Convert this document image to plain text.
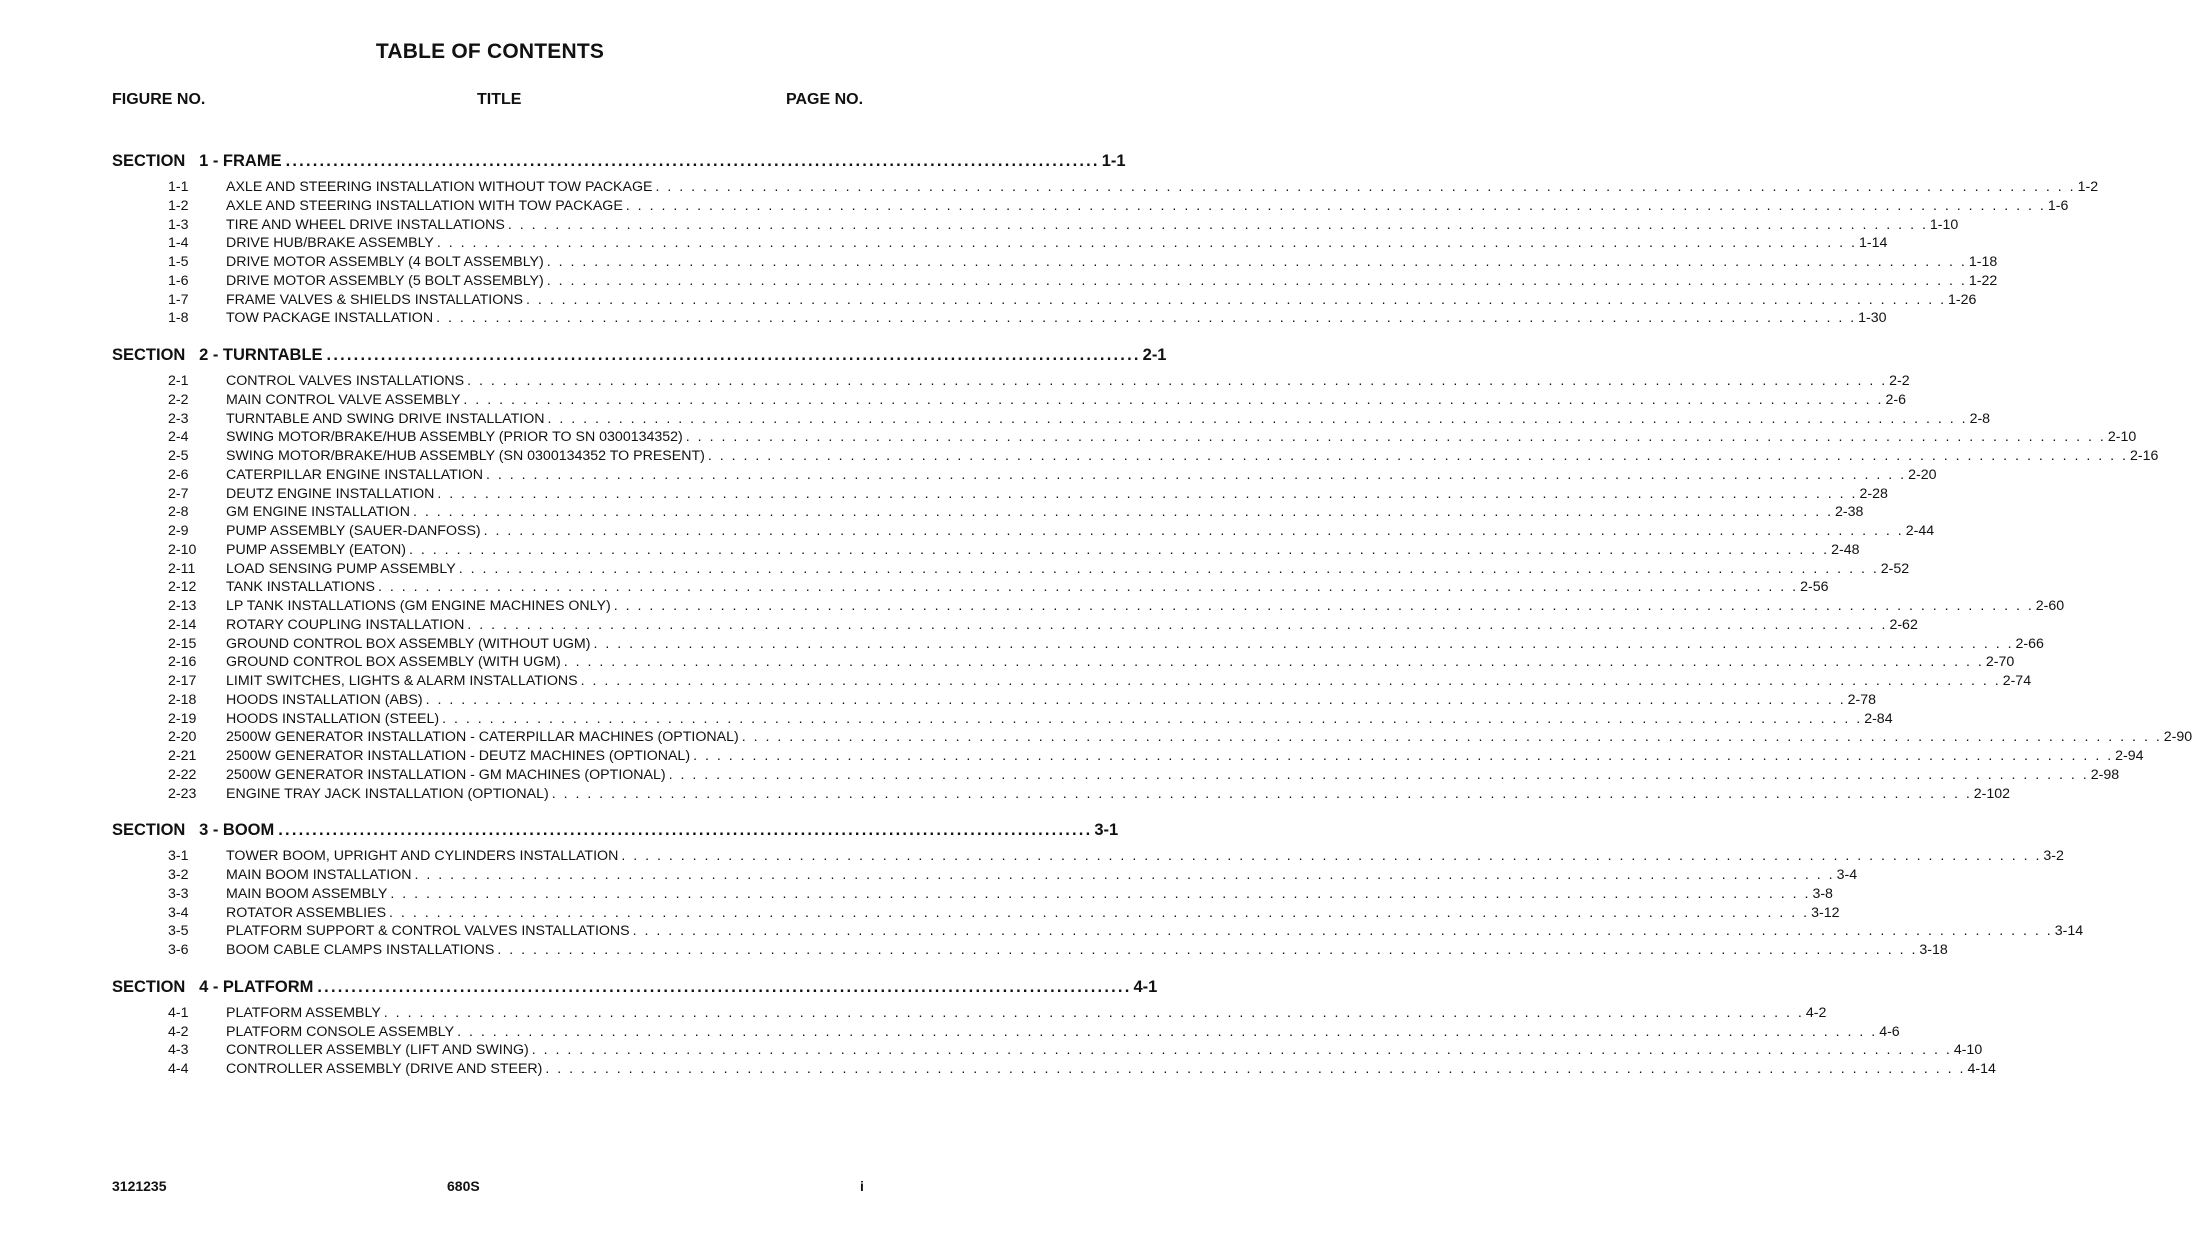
TABLE OF CONTENTS
FIGURE NO.	TITLE	PAGE NO.
SECTION   1 - FRAME ........................................................................................................................ 1-1
1-1	AXLE AND STEERING INSTALLATION WITHOUT TOW PACKAGE . . . . . . . . . . . . . . . . . . . . . . . . . . . . . . . . . . . . . . . . . . . . . . . . . . . . . . . . . . . . . . . . . . . . . . . . . . . . . . . . . . . . . . . . . . . . . . . . . . . . . . . . . . . . . . . . . . . . . . . . 1-2
1-2	AXLE AND STEERING INSTALLATION WITH TOW PACKAGE . . . . . . . . . . . . . . . . . . . . . . . . . . . . . . . . . . . . . . . . . . . . . . . . . . . . . . . . . . . . . . . . . . . . . . . . . . . . . . . . . . . . . . . . . . . . . . . . . . . . . . . . . . . . . . . . . . . . . . . . 1-6
1-3	TIRE AND WHEEL DRIVE INSTALLATIONS . . . . . . . . . . . . . . . . . . . . . . . . . . . . . . . . . . . . . . . . . . . . . . . . . . . . . . . . . . . . . . . . . . . . . . . . . . . . . . . . . . . . . . . . . . . . . . . . . . . . . . . . . . . . . . . . . . . . . . . . 1-10
1-4	DRIVE HUB/BRAKE ASSEMBLY . . . . . . . . . . . . . . . . . . . . . . . . . . . . . . . . . . . . . . . . . . . . . . . . . . . . . . . . . . . . . . . . . . . . . . . . . . . . . . . . . . . . . . . . . . . . . . . . . . . . . . . . . . . . . . . . . . . . . . . . 1-14
1-5	DRIVE MOTOR ASSEMBLY (4 BOLT ASSEMBLY) . . . . . . . . . . . . . . . . . . . . . . . . . . . . . . . . . . . . . . . . . . . . . . . . . . . . . . . . . . . . . . . . . . . . . . . . . . . . . . . . . . . . . . . . . . . . . . . . . . . . . . . . . . . . . . . . . . . . . . . . 1-18
1-6	DRIVE MOTOR ASSEMBLY (5 BOLT ASSEMBLY) . . . . . . . . . . . . . . . . . . . . . . . . . . . . . . . . . . . . . . . . . . . . . . . . . . . . . . . . . . . . . . . . . . . . . . . . . . . . . . . . . . . . . . . . . . . . . . . . . . . . . . . . . . . . . . . . . . . . . . . . 1-22
1-7	FRAME VALVES & SHIELDS INSTALLATIONS . . . . . . . . . . . . . . . . . . . . . . . . . . . . . . . . . . . . . . . . . . . . . . . . . . . . . . . . . . . . . . . . . . . . . . . . . . . . . . . . . . . . . . . . . . . . . . . . . . . . . . . . . . . . . . . . . . . . . . . . 1-26
1-8	TOW PACKAGE INSTALLATION . . . . . . . . . . . . . . . . . . . . . . . . . . . . . . . . . . . . . . . . . . . . . . . . . . . . . . . . . . . . . . . . . . . . . . . . . . . . . . . . . . . . . . . . . . . . . . . . . . . . . . . . . . . . . . . . . . . . . . . . 1-30
SECTION   2 - TURNTABLE ........................................................................................................................ 2-1
2-1	CONTROL VALVES INSTALLATIONS . . . . . . . . . . . . . . . . . . . . . . . . . . . . . . . . . . . . . . . . . . . . . . . . . . . . . . . . . . . . . . . . . . . . . . . . . . . . . . . . . . . . . . . . . . . . . . . . . . . . . . . . . . . . . . . . . . . . . . . . 2-2
2-2	MAIN CONTROL VALVE ASSEMBLY . . . . . . . . . . . . . . . . . . . . . . . . . . . . . . . . . . . . . . . . . . . . . . . . . . . . . . . . . . . . . . . . . . . . . . . . . . . . . . . . . . . . . . . . . . . . . . . . . . . . . . . . . . . . . . . . . . . . . . . . 2-6
2-3	TURNTABLE AND SWING DRIVE INSTALLATION . . . . . . . . . . . . . . . . . . . . . . . . . . . . . . . . . . . . . . . . . . . . . . . . . . . . . . . . . . . . . . . . . . . . . . . . . . . . . . . . . . . . . . . . . . . . . . . . . . . . . . . . . . . . . . . . . . . . . . . . 2-8
2-4	SWING MOTOR/BRAKE/HUB ASSEMBLY (PRIOR TO SN 0300134352) . . . . . . . . . . . . . . . . . . . . . . . . . . . . . . . . . . . . . . . . . . . . . . . . . . . . . . . . . . . . . . . . . . . . . . . . . . . . . . . . . . . . . . . . . . . . . . . . . . . . . . . . . . . . . . . . . . . . . . . . 2-10
2-5	SWING MOTOR/BRAKE/HUB ASSEMBLY (SN 0300134352 TO PRESENT) . . . . . . . . . . . . . . . . . . . . . . . . . . . . . . . . . . . . . . . . . . . . . . . . . . . . . . . . . . . . . . . . . . . . . . . . . . . . . . . . . . . . . . . . . . . . . . . . . . . . . . . . . . . . . . . . . . . . . . . . 2-16
2-6	CATERPILLAR ENGINE INSTALLATION . . . . . . . . . . . . . . . . . . . . . . . . . . . . . . . . . . . . . . . . . . . . . . . . . . . . . . . . . . . . . . . . . . . . . . . . . . . . . . . . . . . . . . . . . . . . . . . . . . . . . . . . . . . . . . . . . . . . . . . . 2-20
2-7	DEUTZ ENGINE INSTALLATION . . . . . . . . . . . . . . . . . . . . . . . . . . . . . . . . . . . . . . . . . . . . . . . . . . . . . . . . . . . . . . . . . . . . . . . . . . . . . . . . . . . . . . . . . . . . . . . . . . . . . . . . . . . . . . . . . . . . . . . . 2-28
2-8	GM ENGINE INSTALLATION . . . . . . . . . . . . . . . . . . . . . . . . . . . . . . . . . . . . . . . . . . . . . . . . . . . . . . . . . . . . . . . . . . . . . . . . . . . . . . . . . . . . . . . . . . . . . . . . . . . . . . . . . . . . . . . . . . . . . . . . 2-38
2-9	PUMP ASSEMBLY (SAUER-DANFOSS) . . . . . . . . . . . . . . . . . . . . . . . . . . . . . . . . . . . . . . . . . . . . . . . . . . . . . . . . . . . . . . . . . . . . . . . . . . . . . . . . . . . . . . . . . . . . . . . . . . . . . . . . . . . . . . . . . . . . . . . . 2-44
2-10	PUMP ASSEMBLY (EATON) . . . . . . . . . . . . . . . . . . . . . . . . . . . . . . . . . . . . . . . . . . . . . . . . . . . . . . . . . . . . . . . . . . . . . . . . . . . . . . . . . . . . . . . . . . . . . . . . . . . . . . . . . . . . . . . . . . . . . . . . 2-48
2-11	LOAD SENSING PUMP ASSEMBLY . . . . . . . . . . . . . . . . . . . . . . . . . . . . . . . . . . . . . . . . . . . . . . . . . . . . . . . . . . . . . . . . . . . . . . . . . . . . . . . . . . . . . . . . . . . . . . . . . . . . . . . . . . . . . . . . . . . . . . . . 2-52
2-12	TANK INSTALLATIONS . . . . . . . . . . . . . . . . . . . . . . . . . . . . . . . . . . . . . . . . . . . . . . . . . . . . . . . . . . . . . . . . . . . . . . . . . . . . . . . . . . . . . . . . . . . . . . . . . . . . . . . . . . . . . . . . . . . . . . . . 2-56
2-13	LP TANK INSTALLATIONS (GM ENGINE MACHINES ONLY) . . . . . . . . . . . . . . . . . . . . . . . . . . . . . . . . . . . . . . . . . . . . . . . . . . . . . . . . . . . . . . . . . . . . . . . . . . . . . . . . . . . . . . . . . . . . . . . . . . . . . . . . . . . . . . . . . . . . . . . . 2-60
2-14	ROTARY COUPLING INSTALLATION . . . . . . . . . . . . . . . . . . . . . . . . . . . . . . . . . . . . . . . . . . . . . . . . . . . . . . . . . . . . . . . . . . . . . . . . . . . . . . . . . . . . . . . . . . . . . . . . . . . . . . . . . . . . . . . . . . . . . . . . 2-62
2-15	GROUND CONTROL BOX ASSEMBLY (WITHOUT UGM) . . . . . . . . . . . . . . . . . . . . . . . . . . . . . . . . . . . . . . . . . . . . . . . . . . . . . . . . . . . . . . . . . . . . . . . . . . . . . . . . . . . . . . . . . . . . . . . . . . . . . . . . . . . . . . . . . . . . . . . . 2-66
2-16	GROUND CONTROL BOX ASSEMBLY (WITH UGM) . . . . . . . . . . . . . . . . . . . . . . . . . . . . . . . . . . . . . . . . . . . . . . . . . . . . . . . . . . . . . . . . . . . . . . . . . . . . . . . . . . . . . . . . . . . . . . . . . . . . . . . . . . . . . . . . . . . . . . . . 2-70
2-17	LIMIT SWITCHES, LIGHTS & ALARM INSTALLATIONS . . . . . . . . . . . . . . . . . . . . . . . . . . . . . . . . . . . . . . . . . . . . . . . . . . . . . . . . . . . . . . . . . . . . . . . . . . . . . . . . . . . . . . . . . . . . . . . . . . . . . . . . . . . . . . . . . . . . . . . . 2-74
2-18	HOODS INSTALLATION (ABS) . . . . . . . . . . . . . . . . . . . . . . . . . . . . . . . . . . . . . . . . . . . . . . . . . . . . . . . . . . . . . . . . . . . . . . . . . . . . . . . . . . . . . . . . . . . . . . . . . . . . . . . . . . . . . . . . . . . . . . . . 2-78
2-19	HOODS INSTALLATION (STEEL) . . . . . . . . . . . . . . . . . . . . . . . . . . . . . . . . . . . . . . . . . . . . . . . . . . . . . . . . . . . . . . . . . . . . . . . . . . . . . . . . . . . . . . . . . . . . . . . . . . . . . . . . . . . . . . . . . . . . . . . . 2-84
2-20	2500W GENERATOR INSTALLATION - CATERPILLAR MACHINES (OPTIONAL) . . . . . . . . . . . . . . . . . . . . . . . . . . . . . . . . . . . . . . . . . . . . . . . . . . . . . . . . . . . . . . . . . . . . . . . . . . . . . . . . . . . . . . . . . . . . . . . . . . . . . . . . . . . . . . . . . . . . . . . . 2-90
2-21	2500W GENERATOR INSTALLATION - DEUTZ MACHINES (OPTIONAL) . . . . . . . . . . . . . . . . . . . . . . . . . . . . . . . . . . . . . . . . . . . . . . . . . . . . . . . . . . . . . . . . . . . . . . . . . . . . . . . . . . . . . . . . . . . . . . . . . . . . . . . . . . . . . . . . . . . . . . . . 2-94
2-22	2500W GENERATOR INSTALLATION - GM MACHINES (OPTIONAL) . . . . . . . . . . . . . . . . . . . . . . . . . . . . . . . . . . . . . . . . . . . . . . . . . . . . . . . . . . . . . . . . . . . . . . . . . . . . . . . . . . . . . . . . . . . . . . . . . . . . . . . . . . . . . . . . . . . . . . . . 2-98
2-23	ENGINE TRAY JACK INSTALLATION (OPTIONAL) . . . . . . . . . . . . . . . . . . . . . . . . . . . . . . . . . . . . . . . . . . . . . . . . . . . . . . . . . . . . . . . . . . . . . . . . . . . . . . . . . . . . . . . . . . . . . . . . . . . . . . . . . . . . . . . . . . . . . . . . 2-102
SECTION   3 - BOOM ........................................................................................................................ 3-1
3-1	TOWER BOOM, UPRIGHT AND CYLINDERS INSTALLATION . . . . . . . . . . . . . . . . . . . . . . . . . . . . . . . . . . . . . . . . . . . . . . . . . . . . . . . . . . . . . . . . . . . . . . . . . . . . . . . . . . . . . . . . . . . . . . . . . . . . . . . . . . . . . . . . . . . . . . . . 3-2
3-2	MAIN BOOM INSTALLATION . . . . . . . . . . . . . . . . . . . . . . . . . . . . . . . . . . . . . . . . . . . . . . . . . . . . . . . . . . . . . . . . . . . . . . . . . . . . . . . . . . . . . . . . . . . . . . . . . . . . . . . . . . . . . . . . . . . . . . . . 3-4
3-3	MAIN BOOM ASSEMBLY . . . . . . . . . . . . . . . . . . . . . . . . . . . . . . . . . . . . . . . . . . . . . . . . . . . . . . . . . . . . . . . . . . . . . . . . . . . . . . . . . . . . . . . . . . . . . . . . . . . . . . . . . . . . . . . . . . . . . . . . 3-8
3-4	ROTATOR ASSEMBLIES . . . . . . . . . . . . . . . . . . . . . . . . . . . . . . . . . . . . . . . . . . . . . . . . . . . . . . . . . . . . . . . . . . . . . . . . . . . . . . . . . . . . . . . . . . . . . . . . . . . . . . . . . . . . . . . . . . . . . . . . 3-12
3-5	PLATFORM SUPPORT & CONTROL VALVES INSTALLATIONS . . . . . . . . . . . . . . . . . . . . . . . . . . . . . . . . . . . . . . . . . . . . . . . . . . . . . . . . . . . . . . . . . . . . . . . . . . . . . . . . . . . . . . . . . . . . . . . . . . . . . . . . . . . . . . . . . . . . . . . . 3-14
3-6	BOOM CABLE CLAMPS INSTALLATIONS . . . . . . . . . . . . . . . . . . . . . . . . . . . . . . . . . . . . . . . . . . . . . . . . . . . . . . . . . . . . . . . . . . . . . . . . . . . . . . . . . . . . . . . . . . . . . . . . . . . . . . . . . . . . . . . . . . . . . . . . 3-18
SECTION   4 - PLATFORM ........................................................................................................................ 4-1
4-1	PLATFORM ASSEMBLY . . . . . . . . . . . . . . . . . . . . . . . . . . . . . . . . . . . . . . . . . . . . . . . . . . . . . . . . . . . . . . . . . . . . . . . . . . . . . . . . . . . . . . . . . . . . . . . . . . . . . . . . . . . . . . . . . . . . . . . . 4-2
4-2	PLATFORM CONSOLE ASSEMBLY . . . . . . . . . . . . . . . . . . . . . . . . . . . . . . . . . . . . . . . . . . . . . . . . . . . . . . . . . . . . . . . . . . . . . . . . . . . . . . . . . . . . . . . . . . . . . . . . . . . . . . . . . . . . . . . . . . . . . . . . 4-6
4-3	CONTROLLER ASSEMBLY (LIFT AND SWING) . . . . . . . . . . . . . . . . . . . . . . . . . . . . . . . . . . . . . . . . . . . . . . . . . . . . . . . . . . . . . . . . . . . . . . . . . . . . . . . . . . . . . . . . . . . . . . . . . . . . . . . . . . . . . . . . . . . . . . . . 4-10
4-4	CONTROLLER ASSEMBLY (DRIVE AND STEER) . . . . . . . . . . . . . . . . . . . . . . . . . . . . . . . . . . . . . . . . . . . . . . . . . . . . . . . . . . . . . . . . . . . . . . . . . . . . . . . . . . . . . . . . . . . . . . . . . . . . . . . . . . . . . . . . . . . . . . . . 4-14
3121235	680S	i
